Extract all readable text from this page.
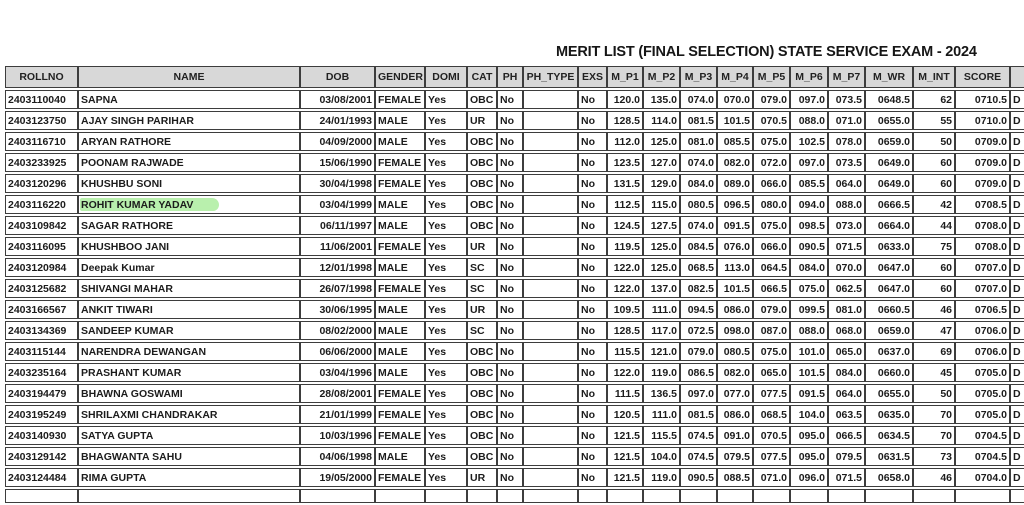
MERIT LIST (FINAL SELECTION) STATE SERVICE EXAM - 2024
ROLLNO	NAME	DOB	GENDER	DOMI	CAT	PH	PH_TYPE	EXS	M_P1	M_P2	M_P3	M_P4	M_P5	M_P6	M_P7	M_WR	M_INT	SCORE	
2403110040	SAPNA	03/08/2001	FEMALE	Yes	OBC	No		No	120.0	135.0	074.0	070.0	079.0	097.0	073.5	0648.5	62	0710.5	D
2403123750	AJAY SINGH PARIHAR	24/01/1993	MALE	Yes	UR	No		No	128.5	114.0	081.5	101.5	070.5	088.0	071.0	0655.0	55	0710.0	D
2403116710	ARYAN RATHORE	04/09/2000	MALE	Yes	OBC	No		No	112.0	125.0	081.0	085.5	075.0	102.5	078.0	0659.0	50	0709.0	D
2403233925	POONAM RAJWADE	15/06/1990	FEMALE	Yes	OBC	No		No	123.5	127.0	074.0	082.0	072.0	097.0	073.5	0649.0	60	0709.0	D
2403120296	KHUSHBU SONI	30/04/1998	FEMALE	Yes	OBC	No		No	131.5	129.0	084.0	089.0	066.0	085.5	064.0	0649.0	60	0709.0	D
2403116220	ROHIT KUMAR YADAV	03/04/1999	MALE	Yes	OBC	No		No	112.5	115.0	080.5	096.5	080.0	094.0	088.0	0666.5	42	0708.5	D
2403109842	SAGAR RATHORE	06/11/1997	MALE	Yes	OBC	No		No	124.5	127.5	074.0	091.5	075.0	098.5	073.0	0664.0	44	0708.0	D
2403116095	KHUSHBOO JANI	11/06/2001	FEMALE	Yes	UR	No		No	119.5	125.0	084.5	076.0	066.0	090.5	071.5	0633.0	75	0708.0	D
2403120984	Deepak Kumar	12/01/1998	MALE	Yes	SC	No		No	122.0	125.0	068.5	113.0	064.5	084.0	070.0	0647.0	60	0707.0	D
2403125682	SHIVANGI MAHAR	26/07/1998	FEMALE	Yes	SC	No		No	122.0	137.0	082.5	101.5	066.5	075.0	062.5	0647.0	60	0707.0	D
2403166567	ANKIT TIWARI	30/06/1995	MALE	Yes	UR	No		No	109.5	111.0	094.5	086.0	079.0	099.5	081.0	0660.5	46	0706.5	D
2403134369	SANDEEP KUMAR	08/02/2000	MALE	Yes	SC	No		No	128.5	117.0	072.5	098.0	087.0	088.0	068.0	0659.0	47	0706.0	D
2403115144	NARENDRA DEWANGAN	06/06/2000	MALE	Yes	OBC	No		No	115.5	121.0	079.0	080.5	075.0	101.0	065.0	0637.0	69	0706.0	D
2403235164	PRASHANT KUMAR	03/04/1996	MALE	Yes	OBC	No		No	122.0	119.0	086.5	082.0	065.0	101.5	084.0	0660.0	45	0705.0	D
2403194479	BHAWNA GOSWAMI	28/08/2001	FEMALE	Yes	OBC	No		No	111.5	136.5	097.0	077.0	077.5	091.5	064.0	0655.0	50	0705.0	D
2403195249	SHRILAXMI CHANDRAKAR	21/01/1999	FEMALE	Yes	OBC	No		No	120.5	111.0	081.5	086.0	068.5	104.0	063.5	0635.0	70	0705.0	D
2403140930	SATYA GUPTA	10/03/1996	FEMALE	Yes	OBC	No		No	121.5	115.5	074.5	091.0	070.5	095.0	066.5	0634.5	70	0704.5	D
2403129142	BHAGWANTA SAHU	04/06/1998	MALE	Yes	OBC	No		No	121.5	104.0	074.5	079.5	077.5	095.0	079.5	0631.5	73	0704.5	D
2403124484	RIMA GUPTA	19/05/2000	FEMALE	Yes	UR	No		No	121.5	119.0	090.5	088.5	071.0	096.0	071.5	0658.0	46	0704.0	D
